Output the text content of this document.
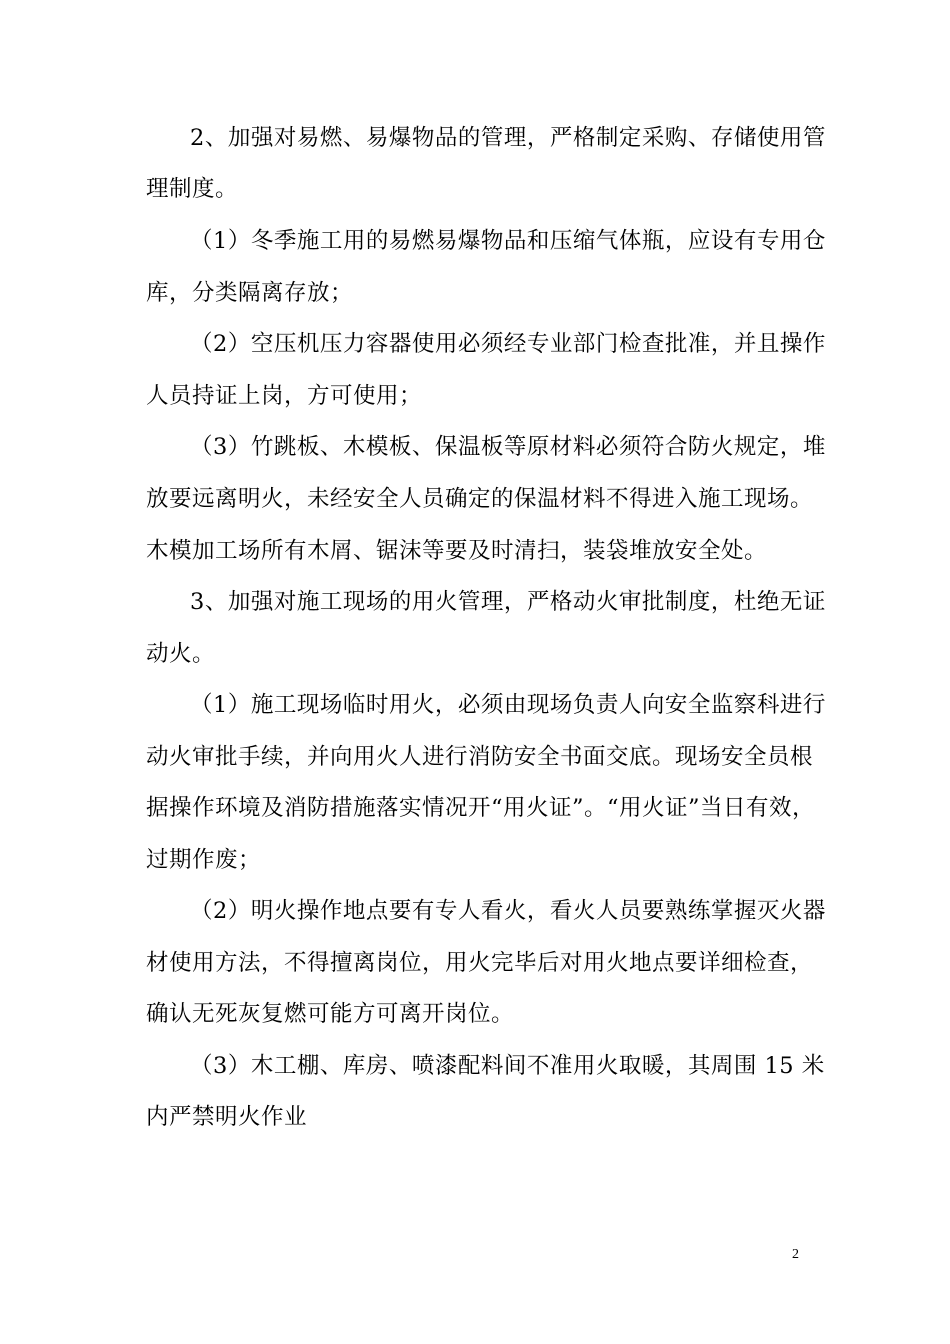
2、加强对易燃、易爆物品的管理，严格制定采购、存储使用管
理制度。
（1）冬季施工用的易燃易爆物品和压缩气体瓶，应设有专用仓
库，分类隔离存放；
（2）空压机压力容器使用必须经专业部门检查批准，并且操作
人员持证上岗，方可使用；
（3）竹跳板、木模板、保温板等原材料必须符合防火规定，堆
放要远离明火，未经安全人员确定的保温材料不得进入施工现场。
木模加工场所有木屑、锯沫等要及时清扫，装袋堆放安全处。
3、加强对施工现场的用火管理，严格动火审批制度，杜绝无证
动火。
（1）施工现场临时用火，必须由现场负责人向安全监察科进行
动火审批手续，并向用火人进行消防安全书面交底。现场安全员根
据操作环境及消防措施落实情况开“用火证”。“用火证”当日有效，
过期作废；
（2）明火操作地点要有专人看火，看火人员要熟练掌握灭火器
材使用方法，不得擅离岗位，用火完毕后对用火地点要详细检查，
确认无死灰复燃可能方可离开岗位。
（3）木工棚、库房、喷漆配料间不准用火取暖，其周围 15 米
内严禁明火作业
2
